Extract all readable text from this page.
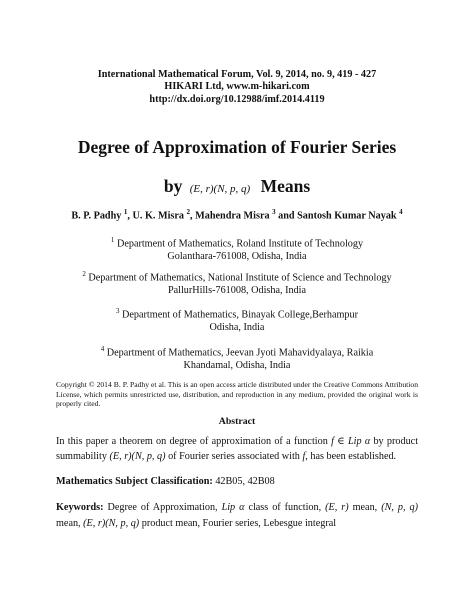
International Mathematical Forum, Vol. 9, 2014, no. 9, 419 - 427
HIKARI Ltd, www.m-hikari.com
http://dx.doi.org/10.12988/imf.2014.4119
Degree of Approximation of Fourier Series
by (E, r)(N, p, q) Means
B. P. Padhy $^1$, U. K. Misra $^2$, Mahendra Misra $^3$ and Santosh Kumar Nayak $^4$
$^1$ Department of Mathematics, Roland Institute of Technology
Golanthara-761008, Odisha, India
$^2$ Department of Mathematics, National Institute of Science and Technology
PallurHills-761008, Odisha, India
$^3$ Department of Mathematics, Binayak College,Berhampur
Odisha, India
$^4$ Department of Mathematics, Jeevan Jyoti Mahavidyalaya, Raikia
Khandamal, Odisha, India
Copyright © 2014 B. P. Padhy et al. This is an open access article distributed under the Creative Commons Attribution License, which permits unrestricted use, distribution, and reproduction in any medium, provided the original work is properly cited.
Abstract
In this paper a theorem on degree of approximation of a function f ∈ Lip α by product summability (E, r)(N, p, q) of Fourier series associated with f, has been established.
Mathematics Subject Classification: 42B05, 42B08
Keywords: Degree of Approximation, Lip α class of function, (E, r) mean, (N, p, q) mean, (E, r)(N, p, q) product mean, Fourier series, Lebesgue integral
